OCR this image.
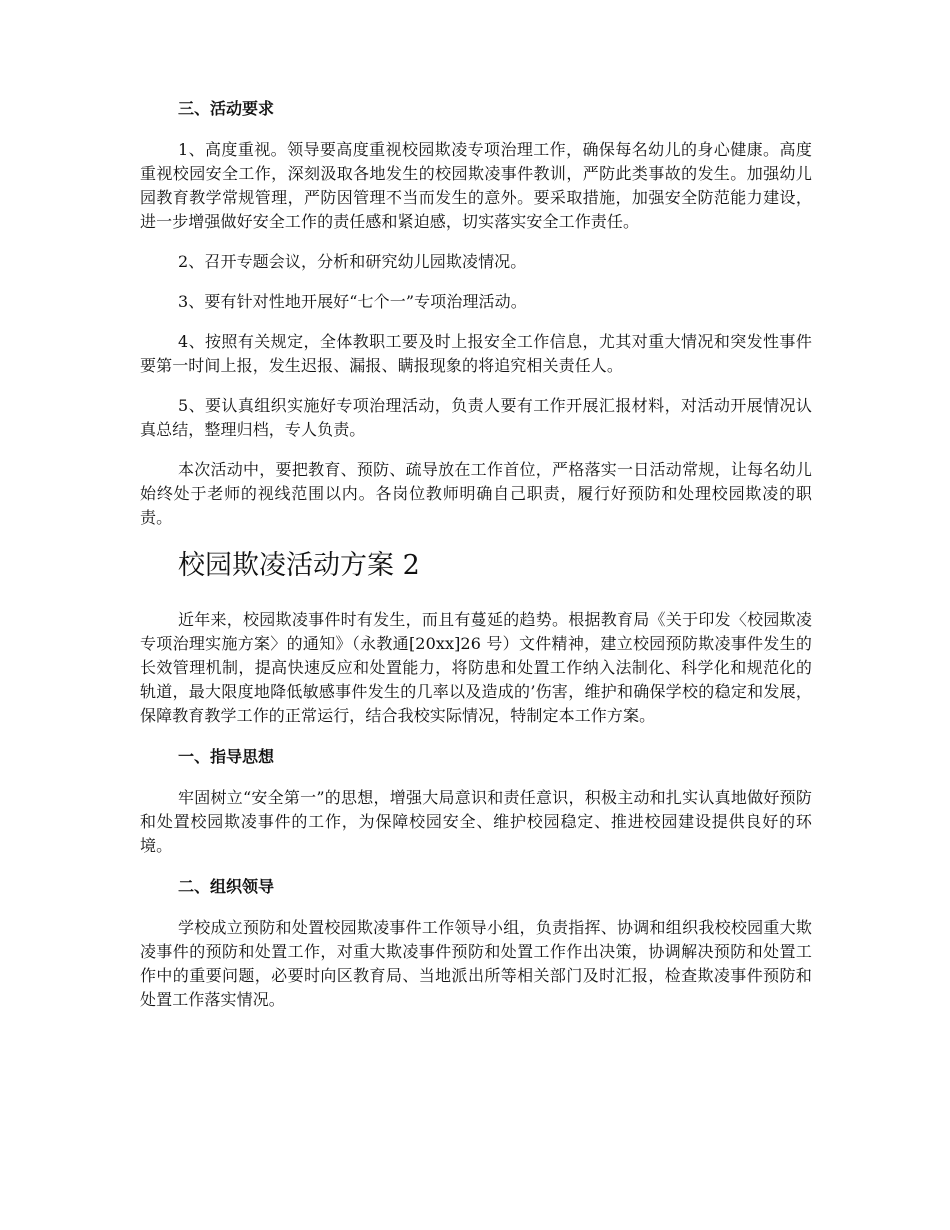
三、活动要求

1、高度重视。领导要高度重视校园欺凌专项治理工作，确保每名幼儿的身心健康。高度重视校园安全工作，深刻汲取各地发生的校园欺凌事件教训，严防此类事故的发生。加强幼儿园教育教学常规管理，严防因管理不当而发生的意外。要采取措施，加强安全防范能力建设，进一步增强做好安全工作的责任感和紧迫感，切实落实安全工作责任。

2、召开专题会议，分析和研究幼儿园欺凌情况。

3、要有针对性地开展好“七个一”专项治理活动。

4、按照有关规定，全体教职工要及时上报安全工作信息，尤其对重大情况和突发性事件要第一时间上报，发生迟报、漏报、瞒报现象的将追究相关责任人。

5、要认真组织实施好专项治理活动，负责人要有工作开展汇报材料，对活动开展情况认真总结，整理归档，专人负责。

本次活动中，要把教育、预防、疏导放在工作首位，严格落实一日活动常规，让每名幼儿始终处于老师的视线范围以内。各岗位教师明确自己职责，履行好预防和处理校园欺凌的职责。

校园欺凌活动方案 2

近年来，校园欺凌事件时有发生，而且有蔓延的趋势。根据教育局《关于印发〈校园欺凌专项治理实施方案〉的通知》（永教通[20xx]26 号）文件精神，建立校园预防欺凌事件发生的长效管理机制，提高快速反应和处置能力，将防患和处置工作纳入法制化、科学化和规范化的轨道，最大限度地降低敏感事件发生的几率以及造成的’伤害，维护和确保学校的稳定和发展，保障教育教学工作的正常运行，结合我校实际情况，特制定本工作方案。

一、指导思想

牢固树立“安全第一”的思想，增强大局意识和责任意识，积极主动和扎实认真地做好预防和处置校园欺凌事件的工作，为保障校园安全、维护校园稳定、推进校园建设提供良好的环境。

二、组织领导

学校成立预防和处置校园欺凌事件工作领导小组，负责指挥、协调和组织我校校园重大欺凌事件的预防和处置工作，对重大欺凌事件预防和处置工作作出决策，协调解决预防和处置工作中的重要问题，必要时向区教育局、当地派出所等相关部门及时汇报，检查欺凌事件预防和处置工作落实情况。
